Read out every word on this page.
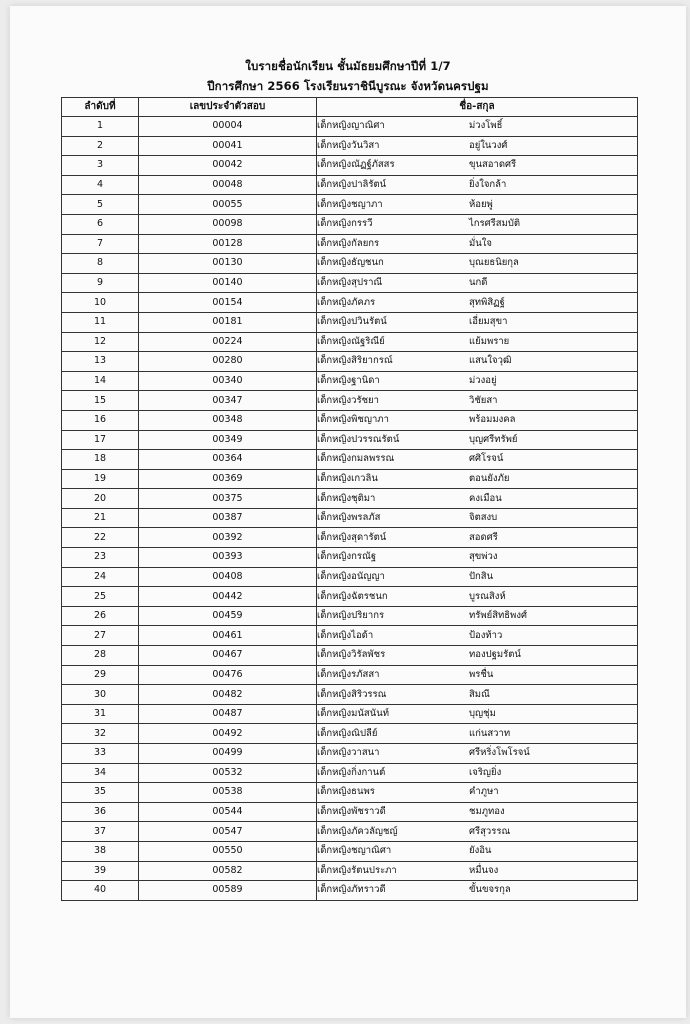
ใบรายชื่อนักเรียน ชั้นมัธยมศึกษาปีที่ 1/7
ปีการศึกษา 2566 โรงเรียนราชินีบูรณะ จังหวัดนครปฐม
ลำดับที่	เลขประจำตัวสอบ	ชื่อ-สกุล
1	00004	เด็กหญิงญาณิศา ม่วงโพธิ์
2	00041	เด็กหญิงวันวิสา อยู่ในวงศ์
3	00042	เด็กหญิงณัฏฐ์ภัสสร ขุนสอาดศรี
4	00048	เด็กหญิงปาลิรัตน์ ยิ่งใจกล้า
5	00055	เด็กหญิงชญาภา ห้อยพู่
6	00098	เด็กหญิงกรรวี ไกรศรีสมบัติ
7	00128	เด็กหญิงกัลยกร มั่นใจ
8	00130	เด็กหญิงธัญชนก บุณยธนิยกุล
9	00140	เด็กหญิงสุปราณี นกดี
10	00154	เด็กหญิงภัคภร สุทพิสิฏฐ์
11	00181	เด็กหญิงปวินรัตน์ เอี่ยมสุขา
12	00224	เด็กหญิงณัฐริณีย์ แย้มพราย
13	00280	เด็กหญิงสิริยากรณ์ แสนใจวุฒิ
14	00340	เด็กหญิงฐานิดา ม่วงอยู่
15	00347	เด็กหญิงวรัชยา วิชัยสา
16	00348	เด็กหญิงพิชญาภา พร้อมมงคล
17	00349	เด็กหญิงปวรรณรัตน์ บุญศรีทรัพย์
18	00364	เด็กหญิงกมลพรรณ ศศิโรจน์
19	00369	เด็กหญิงเกวลิน ตอนยังภัย
20	00375	เด็กหญิงชุติมา คงเมือน
21	00387	เด็กหญิงพรลภัส จิตสงบ
22	00392	เด็กหญิงสุดารัตน์ สอดศรี
23	00393	เด็กหญิงกรณัฐ สุขพ่วง
24	00408	เด็กหญิงอนัญญา ปักสิน
25	00442	เด็กหญิงฉัตรชนก บูรณสิงห์
26	00459	เด็กหญิงปริยากร ทรัพย์สิทธิพงศ์
27	00461	เด็กหญิงไอด้า ป้องท้าว
28	00467	เด็กหญิงวิรัลพัชร ทองปฐมรัตน์
29	00476	เด็กหญิงรภัสสา พรชื่น
30	00482	เด็กหญิงสิริวรรณ สิมณี
31	00487	เด็กหญิงมนัสนันท์ บุญชุ่ม
32	00492	เด็กหญิงณิปลีย์ แก่นสวาท
33	00499	เด็กหญิงวาสนา ศรีหริ่งโพโรจน์
34	00532	เด็กหญิงกิ่งกานต์ เจริญยิ่ง
35	00538	เด็กหญิงธนพร คำภูษา
36	00544	เด็กหญิงพัชราวดี ชมภูทอง
37	00547	เด็กหญิงภัควลัญชญ์ ศรีสุวรรณ
38	00550	เด็กหญิงชญาณิศา ยังอิน
39	00582	เด็กหญิงรัตนประภา หมื่นจง
40	00589	เด็กหญิงภัทราวดี ขั้นขจรกุล
